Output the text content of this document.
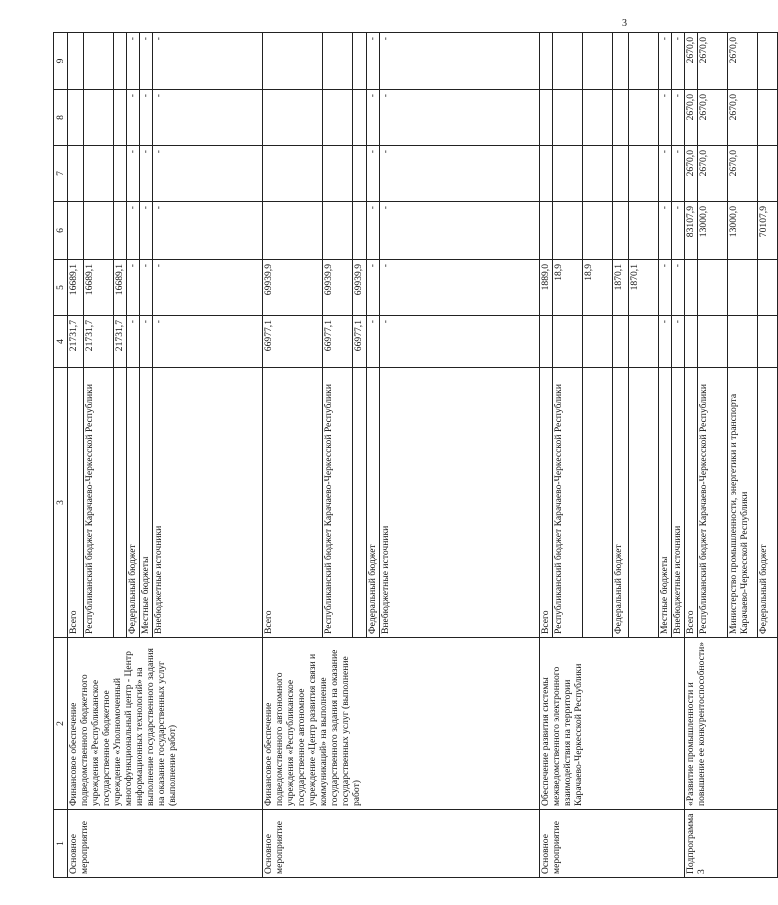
3
1	2	3	4	5	6	7	8	9
Основное мероприятие	Финансовое обеспечение подведомственного бюджетного учреждения «Республиканское государственное бюджетное учреждение «Уполномоченный многофункциональный центр - Центр информационных технологий» на выполнение государственного задания на оказание государственных услуг (выполнение работ)	Всего	21731,7	16689,1				
		Республиканский бюджет Карачаево-Черкесской Республики	21731,7	16689,1				
			21731,7	16689,1				
		Федеральный бюджет	-	-	-	-	-	-
		Местные бюджеты	-	-	-	-	-	-
		Внебюджетные источники	-	-	-	-	-	-
Основное мероприятие	Финансовое обеспечение подведомственного автономного учреждения «Республиканское государственное автономное учреждение «Центр развития связи и коммуникаций» на выполнение государственного задания на оказание государственных услуг (выполнение работ)	Всего	66977,1	69939,9				
		Республиканский бюджет Карачаево-Черкесской Республики	66977,1	69939,9				
			66977,1	69939,9				
		Федеральный бюджет	-	-	-	-	-	-
		Внебюджетные источники	-	-	-	-	-	-
Основное мероприятие	Обеспечение развития системы межведомственного электронного взаимодействия на территории Карачаево-Черкесской Республики	Всего		1889,0				
		Республиканский бюджет Карачаево-Черкесской Республики		18,9				
				18,9				
		Федеральный бюджет		1870,1				
				1870,1				
		Местные бюджеты	-	-	-	-	-	-
		Внебюджетные источники	-	-	-	-	-	-
Подпрограмма 3	«Развитие промышленности и повышение ее конкурентоспособности»	Всего			83107,9	2670,0	2670,0	2670,0
		Республиканский бюджет Карачаево-Черкесской Республики			13000,0	2670,0	2670,0	2670,0
		Министерство промышленности, энергетики и транспорта Карачаево-Черкесской Республики			13000,0	2670,0	2670,0	2670,0
		Федеральный бюджет			70107,9			
